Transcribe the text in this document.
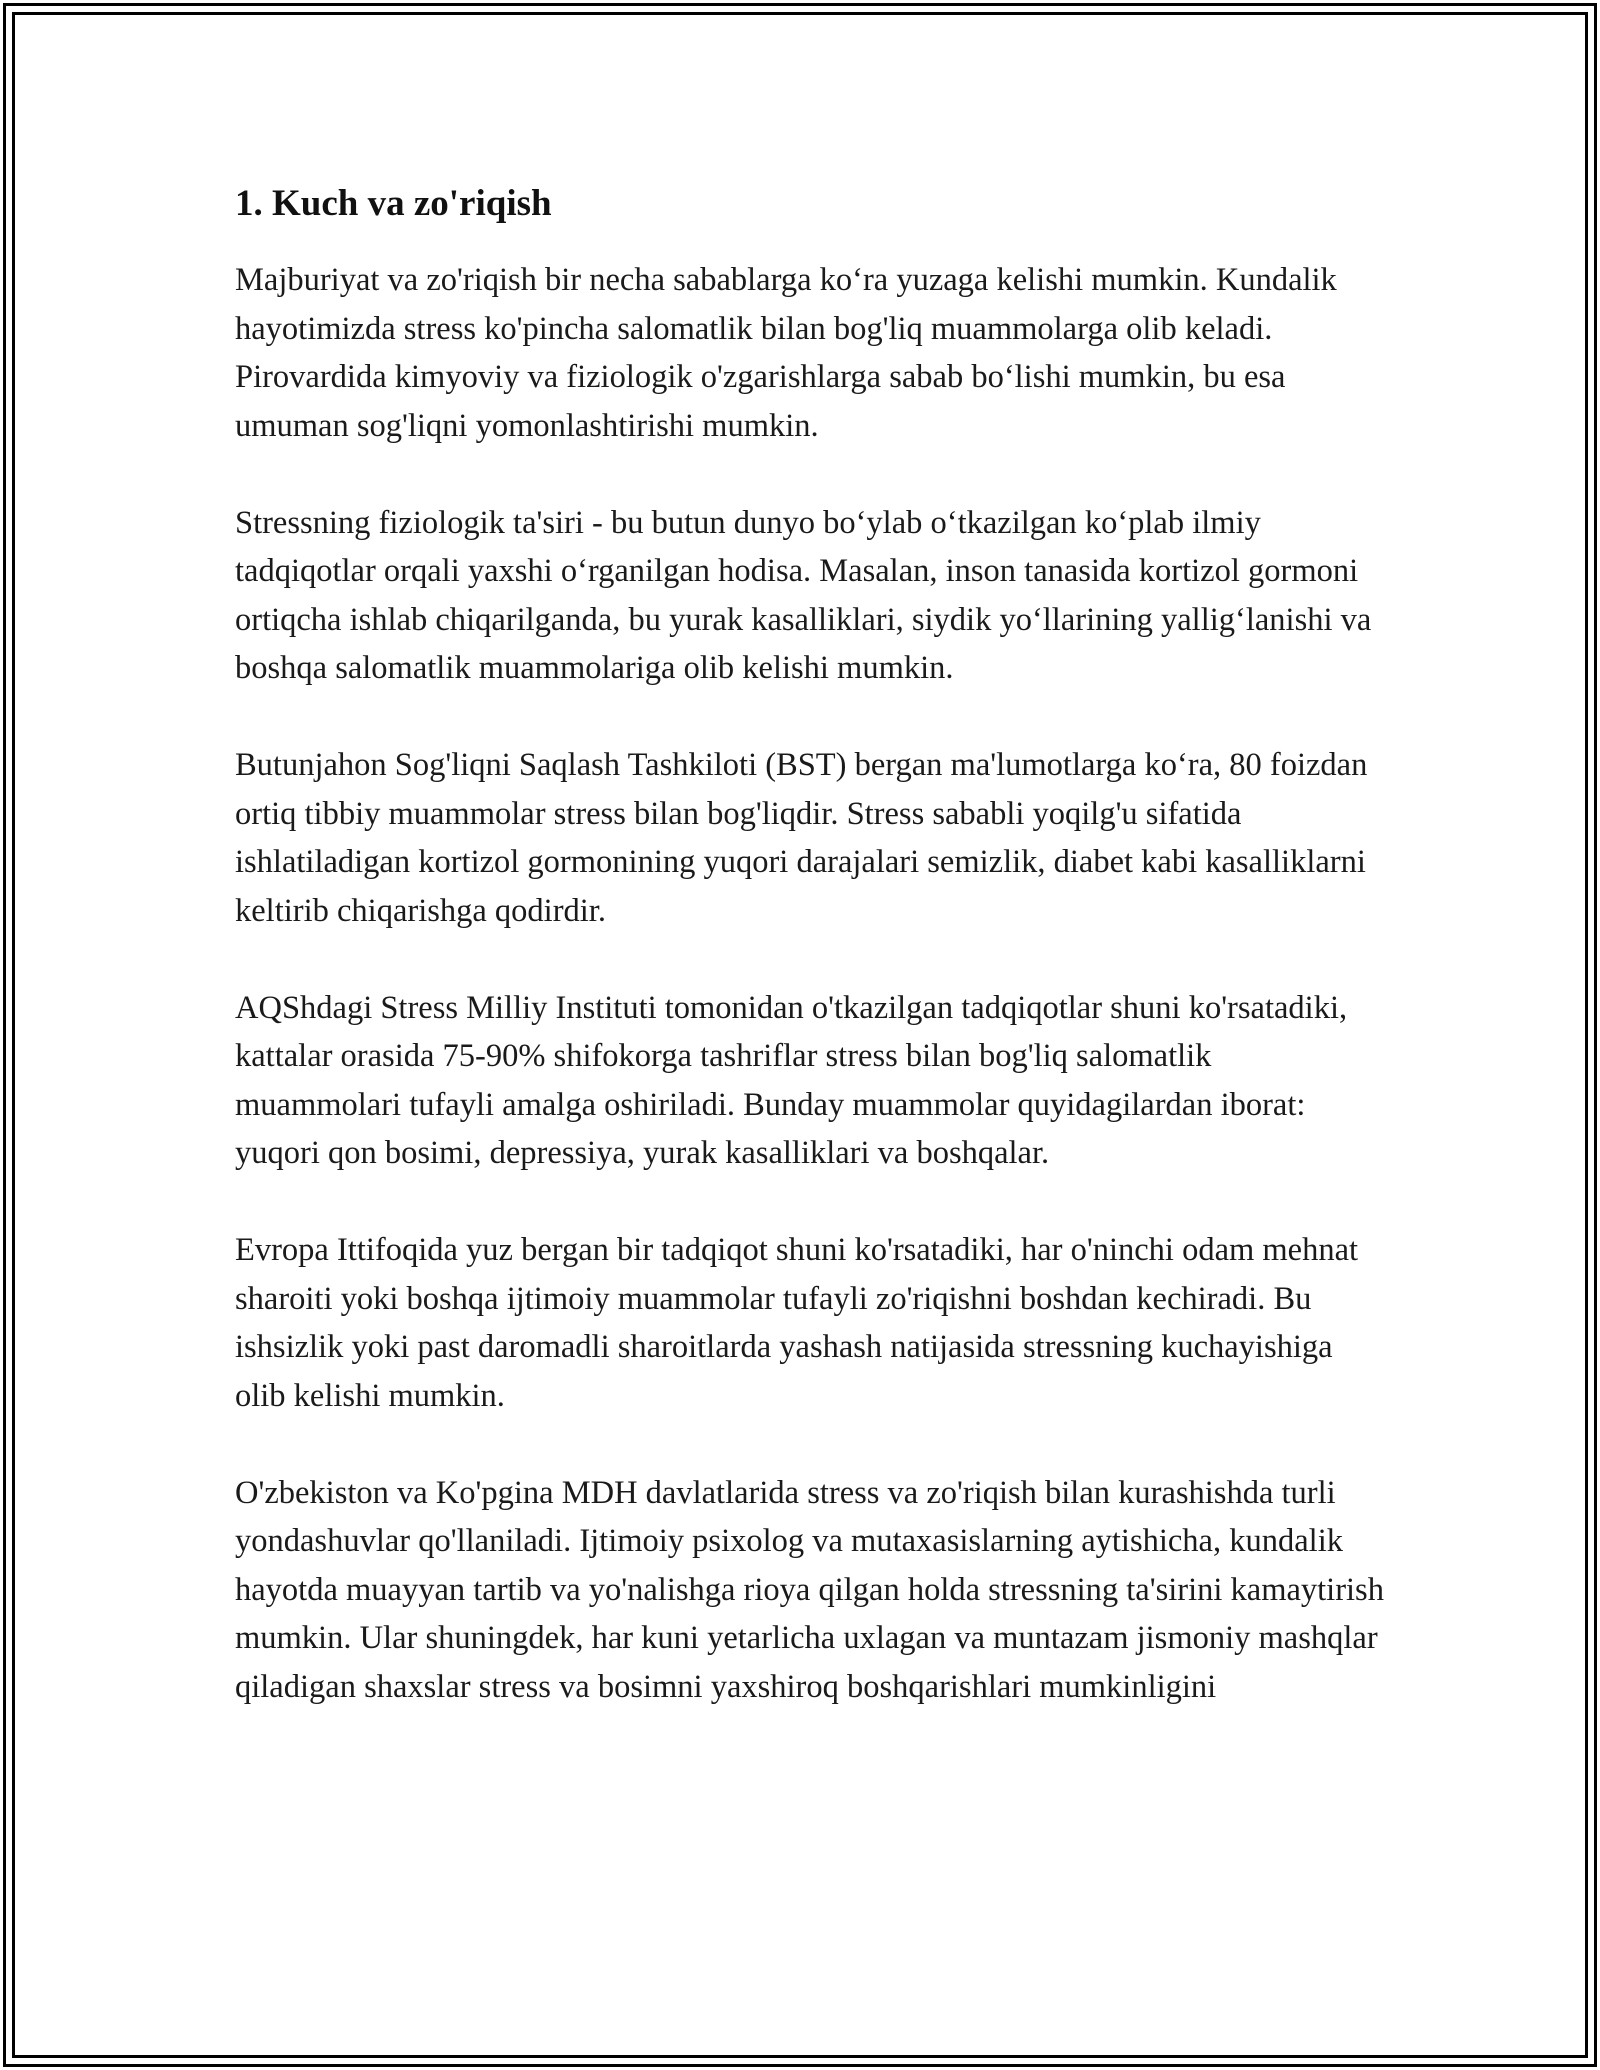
1. Kuch va zo'riqish

Majburiyat va zo'riqish bir necha sabablarga ko‘ra yuzaga kelishi mumkin. Kundalik hayotimizda stress ko'pincha salomatlik bilan bog'liq muammolarga olib keladi. Pirovardida kimyoviy va fiziologik o'zgarishlarga sabab bo‘lishi mumkin, bu esa umuman sog'liqni yomonlashtirishi mumkin.

Stressning fiziologik ta'siri - bu butun dunyo bo‘ylab o‘tkazilgan ko‘plab ilmiy tadqiqotlar orqali yaxshi o‘rganilgan hodisa. Masalan, inson tanasida kortizol gormoni ortiqcha ishlab chiqarilganda, bu yurak kasalliklari, siydik yo‘llarining yallig‘lanishi va boshqa salomatlik muammolariga olib kelishi mumkin.

Butunjahon Sog'liqni Saqlash Tashkiloti (BST) bergan ma'lumotlarga ko‘ra, 80 foizdan ortiq tibbiy muammolar stress bilan bog'liqdir. Stress sababli yoqilg'u sifatida ishlatiladigan kortizol gormonining yuqori darajalari semizlik, diabet kabi kasalliklarni keltirib chiqarishga qodirdir.

AQShdagi Stress Milliy Instituti tomonidan o'tkazilgan tadqiqotlar shuni ko'rsatadiki, kattalar orasida 75-90% shifokorga tashriflar stress bilan bog'liq salomatlik muammolari tufayli amalga oshiriladi. Bunday muammolar quyidagilardan iborat: yuqori qon bosimi, depressiya, yurak kasalliklari va boshqalar.

Evropa Ittifoqida yuz bergan bir tadqiqot shuni ko'rsatadiki, har o'ninchi odam mehnat sharoiti yoki boshqa ijtimoiy muammolar tufayli zo'riqishni boshdan kechiradi. Bu ishsizlik yoki past daromadli sharoitlarda yashash natijasida stressning kuchayishiga olib kelishi mumkin.

O'zbekiston va Ko'pgina MDH davlatlarida stress va zo'riqish bilan kurashishda turli yondashuvlar qo'llaniladi. Ijtimoiy psixolog va mutaxasislarning aytishicha, kundalik hayotda muayyan tartib va yo'nalishga rioya qilgan holda stressning ta'sirini kamaytirish mumkin. Ular shuningdek, har kuni yetarlicha uxlagan va muntazam jismoniy mashqlar qiladigan shaxslar stress va bosimni yaxshiroq boshqarishlari mumkinligini
